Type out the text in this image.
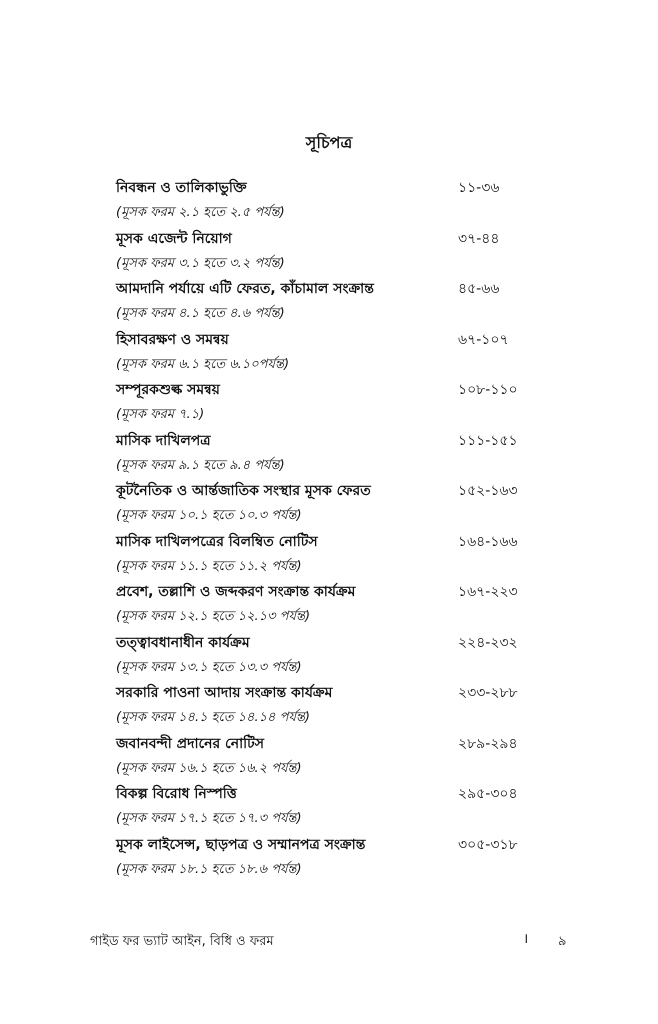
সূচিপত্র
নিবন্ধন ও তালিকাভুক্তি	১১-৩৬
(মূসক ফরম ২.১ হতে ২.৫ পর্যন্ত)
মূসক এজেন্ট নিয়োগ	৩৭-৪৪
(মূসক ফরম ৩.১ হতে ৩.২ পর্যন্ত)
আমদানি পর্যায়ে এটি ফেরত, কাঁচামাল সংক্রান্ত	৪৫-৬৬
(মূসক ফরম ৪.১ হতে ৪.৬ পর্যন্ত)
হিসাবরক্ষণ ও সমন্বয়	৬৭-১০৭
(মূসক ফরম ৬.১ হতে ৬.১০পর্যন্ত)
সম্পূরকশুল্ক সমন্বয়	১০৮-১১০
(মূসক ফরম ৭.১)
মাসিক দাখিলপত্র	১১১-১৫১
(মূসক ফরম ৯.১ হতে ৯.৪ পর্যন্ত)
কূটনৈতিক ও আর্ন্তজাতিক সংস্থার মূসক ফেরত	১৫২-১৬৩
(মূসক ফরম ১০.১ হতে ১০.৩ পর্যন্ত)
মাসিক দাখিলপত্রের বিলম্বিত নোটিস	১৬৪-১৬৬
(মূসক ফরম ১১.১ হতে ১১.২ পর্যন্ত)
প্রবেশ, তল্লাশি ও জব্দকরণ সংক্রান্ত কার্যক্রম	১৬৭-২২৩
(মূসক ফরম ১২.১ হতে ১২.১৩ পর্যন্ত)
তত্ত্বাবধানাধীন কার্যক্রম	২২৪-২৩২
(মূসক ফরম ১৩.১ হতে ১৩.৩ পর্যন্ত)
সরকারি পাওনা আদায় সংক্রান্ত কার্যক্রম	২৩৩-২৮৮
(মূসক ফরম ১৪.১ হতে ১৪.১৪ পর্যন্ত)
জবানবন্দী প্রদানের নোটিস	২৮৯-২৯৪
(মূসক ফরম ১৬.১ হতে ১৬.২ পর্যন্ত)
বিকল্প বিরোধ নিস্পত্তি	২৯৫-৩০৪
(মূসক ফরম ১৭.১ হতে ১৭.৩ পর্যন্ত)
মূসক লাইসেন্স, ছাড়পত্র ও সম্মানপত্র সংক্রান্ত	৩০৫-৩১৮
(মূসক ফরম ১৮.১ হতে ১৮.৬ পর্যন্ত)
গাইড ফর ভ্যাট আইন, বিধি ও ফরম	। ৯
